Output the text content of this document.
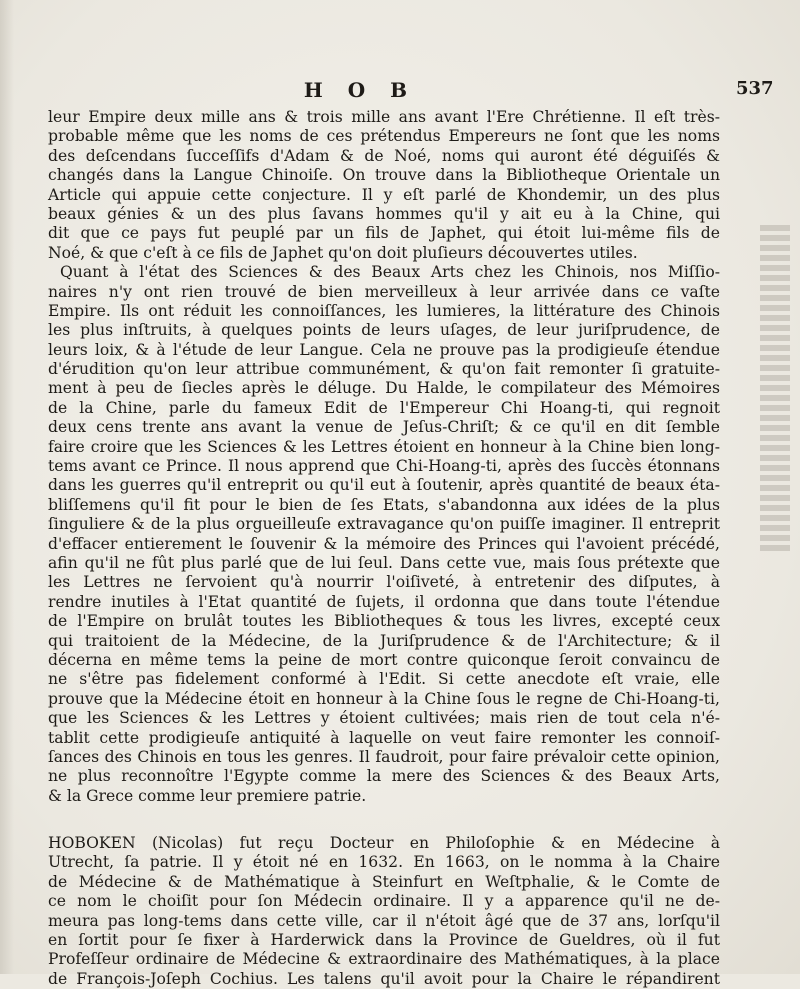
H O B	537
leur Empire deux mille ans & trois mille ans avant l'Ere Chrétienne. Il eſt très-
probable même que les noms de ces prétendus Empereurs ne ſont que les noms
des deſcendans ſucceſſifs d'Adam & de Noé, noms qui auront été déguiſés &
changés dans la Langue Chinoiſe. On trouve dans la Bibliotheque Orientale un
Article qui appuie cette conjecture. Il y eſt parlé de Khondemir, un des plus
beaux génies & un des plus ſavans hommes qu'il y ait eu à la Chine, qui
dit que ce pays fut peuplé par un fils de Japhet, qui étoit lui-même fils de
Noé, & que c'eſt à ce fils de Japhet qu'on doit pluſieurs découvertes utiles.
Quant à l'état des Sciences & des Beaux Arts chez les Chinois, nos Miſſio-
naires n'y ont rien trouvé de bien merveilleux à leur arrivée dans ce vaſte
Empire. Ils ont réduit les connoiſſances, les lumieres, la littérature des Chinois
les plus inſtruits, à quelques points de leurs uſages, de leur juriſprudence, de
leurs loix, & à l'étude de leur Langue. Cela ne prouve pas la prodigieuſe étendue
d'érudition qu'on leur attribue communément, & qu'on fait remonter ſi gratuite-
ment à peu de ſiecles après le déluge. Du Halde, le compilateur des Mémoires
de la Chine, parle du fameux Edit de l'Empereur Chi Hoang-ti, qui regnoit
deux cens trente ans avant la venue de Jeſus-Chriſt; & ce qu'il en dit ſemble
faire croire que les Sciences & les Lettres étoient en honneur à la Chine bien long-
tems avant ce Prince. Il nous apprend que Chi-Hoang-ti, après des ſuccès étonnans
dans les guerres qu'il entreprit ou qu'il eut à ſoutenir, après quantité de beaux éta-
bliſſemens qu'il fit pour le bien de ſes Etats, s'abandonna aux idées de la plus
ſinguliere & de la plus orgueilleuſe extravagance qu'on puiſſe imaginer. Il entreprit
d'effacer entierement le ſouvenir & la mémoire des Princes qui l'avoient précédé,
afin qu'il ne fût plus parlé que de lui ſeul. Dans cette vue, mais ſous prétexte que
les Lettres ne ſervoient qu'à nourrir l'oiſiveté, à entretenir des diſputes, à
rendre inutiles à l'Etat quantité de ſujets, il ordonna que dans toute l'étendue
de l'Empire on brulât toutes les Bibliotheques & tous les livres, excepté ceux
qui traitoient de la Médecine, de la Juriſprudence & de l'Architecture; & il
décerna en même tems la peine de mort contre quiconque ſeroit convaincu de
ne s'être pas fidelement conformé à l'Edit. Si cette anecdote eſt vraie, elle
prouve que la Médecine étoit en honneur à la Chine ſous le regne de Chi-Hoang-ti,
que les Sciences & les Lettres y étoient cultivées; mais rien de tout cela n'é-
tablit cette prodigieuſe antiquité à laquelle on veut faire remonter les connoiſ-
ſances des Chinois en tous les genres. Il faudroit, pour faire prévaloir cette opinion,
ne plus reconnoître l'Egypte comme la mere des Sciences & des Beaux Arts,
& la Grece comme leur premiere patrie.
HOBOKEN (Nicolas) fut reçu Docteur en Philoſophie & en Médecine à
Utrecht, ſa patrie. Il y étoit né en 1632. En 1663, on le nomma à la Chaire
de Médecine & de Mathématique à Steinfurt en Weſtphalie, & le Comte de
ce nom le choiſit pour ſon Médecin ordinaire. Il y a apparence qu'il ne de-
meura pas long-tems dans cette ville, car il n'étoit âgé que de 37 ans, lorſqu'il
en ſortit pour ſe fixer à Harderwick dans la Province de Gueldres, où il fut
Profeſſeur ordinaire de Médecine & extraordinaire des Mathématiques, à la place
de François-Joſeph Cochius. Les talens qu'il avoit pour la Chaire le répandirent
